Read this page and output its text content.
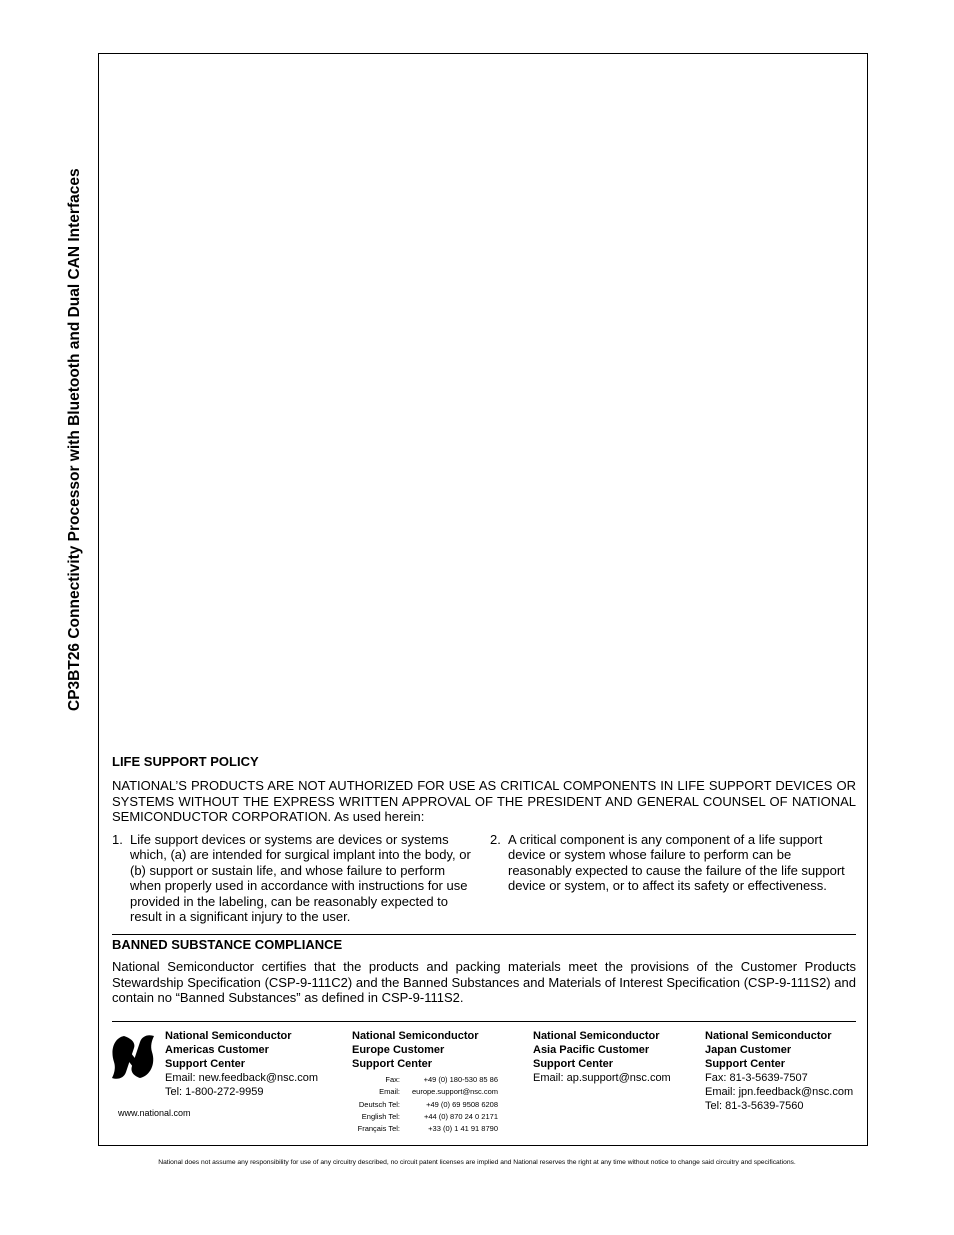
CP3BT26 Connectivity Processor with Bluetooth and Dual CAN Interfaces

LIFE SUPPORT POLICY

NATIONAL’S PRODUCTS ARE NOT AUTHORIZED FOR USE AS CRITICAL COMPONENTS IN LIFE SUPPORT DEVICES OR SYSTEMS WITHOUT THE EXPRESS WRITTEN APPROVAL OF THE PRESIDENT AND GENERAL COUNSEL OF NATIONAL SEMICONDUCTOR CORPORATION. As used herein:

1. Life support devices or systems are devices or systems which, (a) are intended for surgical implant into the body, or (b) support or sustain life, and whose failure to perform when properly used in accordance with instructions for use provided in the labeling, can be reasonably expected to result in a significant injury to the user.
2. A critical component is any component of a life support device or system whose failure to perform can be reasonably expected to cause the failure of the life support device or system, or to affect its safety or effectiveness.

BANNED SUBSTANCE COMPLIANCE

National Semiconductor certifies that the products and packing materials meet the provisions of the Customer Products Stewardship Specification (CSP-9-111C2) and the Banned Substances and Materials of Interest Specification (CSP-9-111S2) and contain no “Banned Substances” as defined in CSP-9-111S2.

National Semiconductor
Americas Customer
Support Center
Email: new.feedback@nsc.com
Tel: 1-800-272-9959
www.national.com
National Semiconductor
Europe Customer
Support Center
Fax:	+49 (0) 180-530 85 86
Email:	europe.support@nsc.com
Deutsch Tel:	+49 (0) 69 9508 6208
English Tel:	+44 (0) 870 24 0 2171
Français Tel:	+33 (0) 1 41 91 8790
National Semiconductor
Asia Pacific Customer
Support Center
Email: ap.support@nsc.com
National Semiconductor
Japan Customer
Support Center
Fax: 81-3-5639-7507
Email: jpn.feedback@nsc.com
Tel: 81-3-5639-7560
National does not assume any responsibility for use of any circuitry described, no circuit patent licenses are implied and National reserves the right at any time without notice to change said circuitry and specifications.
